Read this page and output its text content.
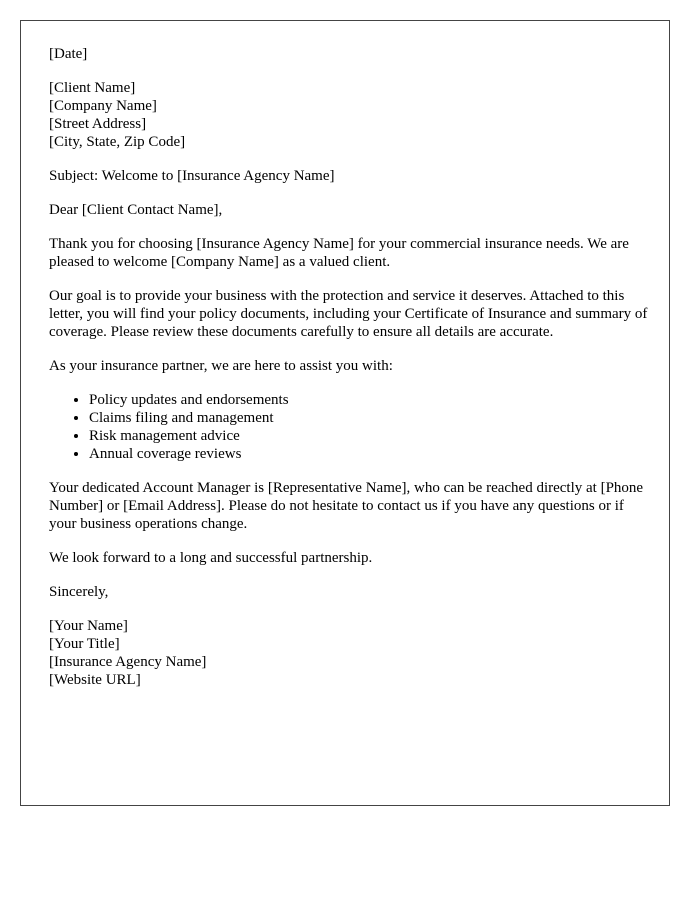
[Date]

[Client Name]
[Company Name]
[Street Address]
[City, State, Zip Code]

Subject: Welcome to [Insurance Agency Name]

Dear [Client Contact Name],

Thank you for choosing [Insurance Agency Name] for your commercial insurance needs. We are pleased to welcome [Company Name] as a valued client.

Our goal is to provide your business with the protection and service it deserves. Attached to this letter, you will find your policy documents, including your Certificate of Insurance and summary of coverage. Please review these documents carefully to ensure all details are accurate.

As your insurance partner, we are here to assist you with:

• Policy updates and endorsements
• Claims filing and management
• Risk management advice
• Annual coverage reviews

Your dedicated Account Manager is [Representative Name], who can be reached directly at [Phone Number] or [Email Address]. Please do not hesitate to contact us if you have any questions or if your business operations change.

We look forward to a long and successful partnership.

Sincerely,

[Your Name]
[Your Title]
[Insurance Agency Name]
[Website URL]
